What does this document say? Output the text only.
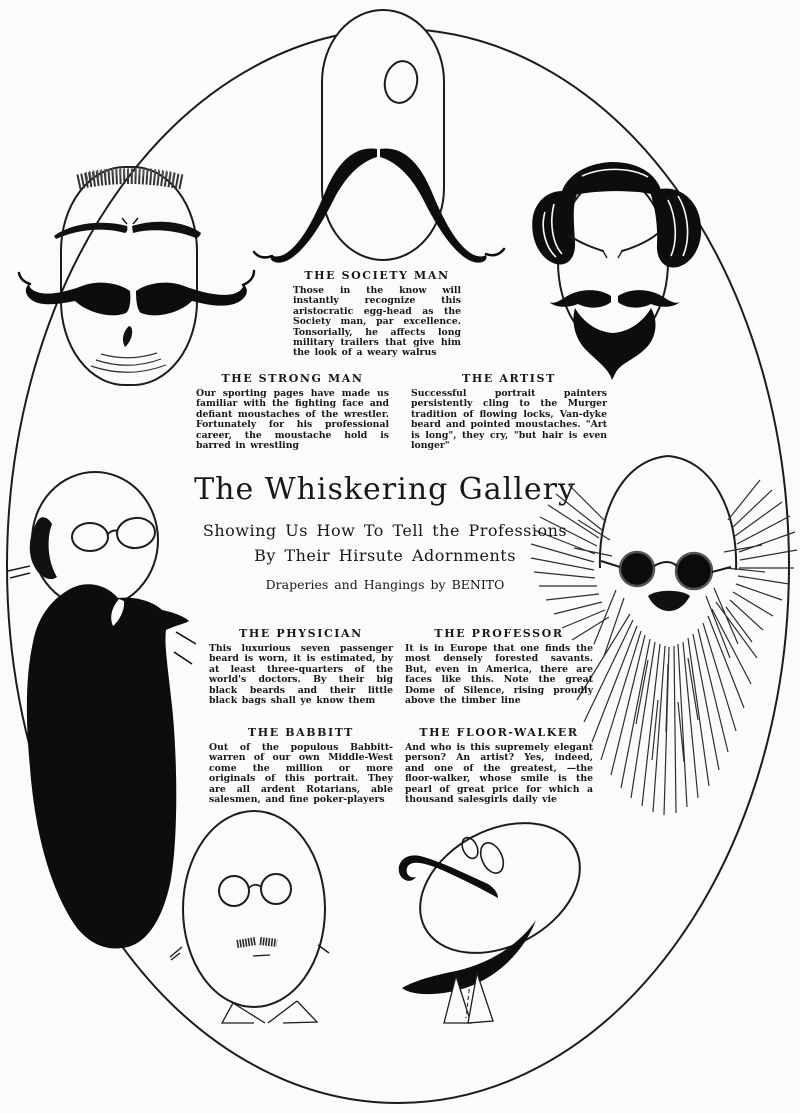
The Whiskering Gallery
Showing Us How To Tell the Professions
By Their Hirsute Adornments
Draperies and Hangings by BENITO
THE SOCIETY MAN

Those in the know will instantly recognize this aristocratic egg-head as the Society man, par excellence. Tonsorially, he affects long military trailers that give him the look of a weary walrus

THE STRONG MAN

Our sporting pages have made us familiar with the fighting face and defiant moustaches of the wrestler. Fortunately for his professional career, the moustache hold is barred in wrestling

THE ARTIST

Successful portrait painters persistently cling to the Murger tradition of flowing locks, Van-dyke beard and pointed moustaches. "Art is long", they cry, "but hair is even longer"

THE PHYSICIAN

This luxurious seven passenger beard is worn, it is estimated, by at least three-quarters of the world's doctors. By their big black beards and their little black bags shall ye know them

THE PROFESSOR

It is in Europe that one finds the most densely forested savants. But, even in America, there are faces like this. Note the great Dome of Silence, rising proudly above the timber line

THE BABBITT

Out of the populous Babbitt-warren of our own Middle-West come the million or more originals of this portrait. They are all ardent Rotarians, able salesmen, and fine poker-players

THE FLOOR-WALKER

And who is this supremely elegant person? An artist? Yes, indeed, and one of the greatest, —the floor-walker, whose smile is the pearl of great price for which a thousand salesgirls daily vie
